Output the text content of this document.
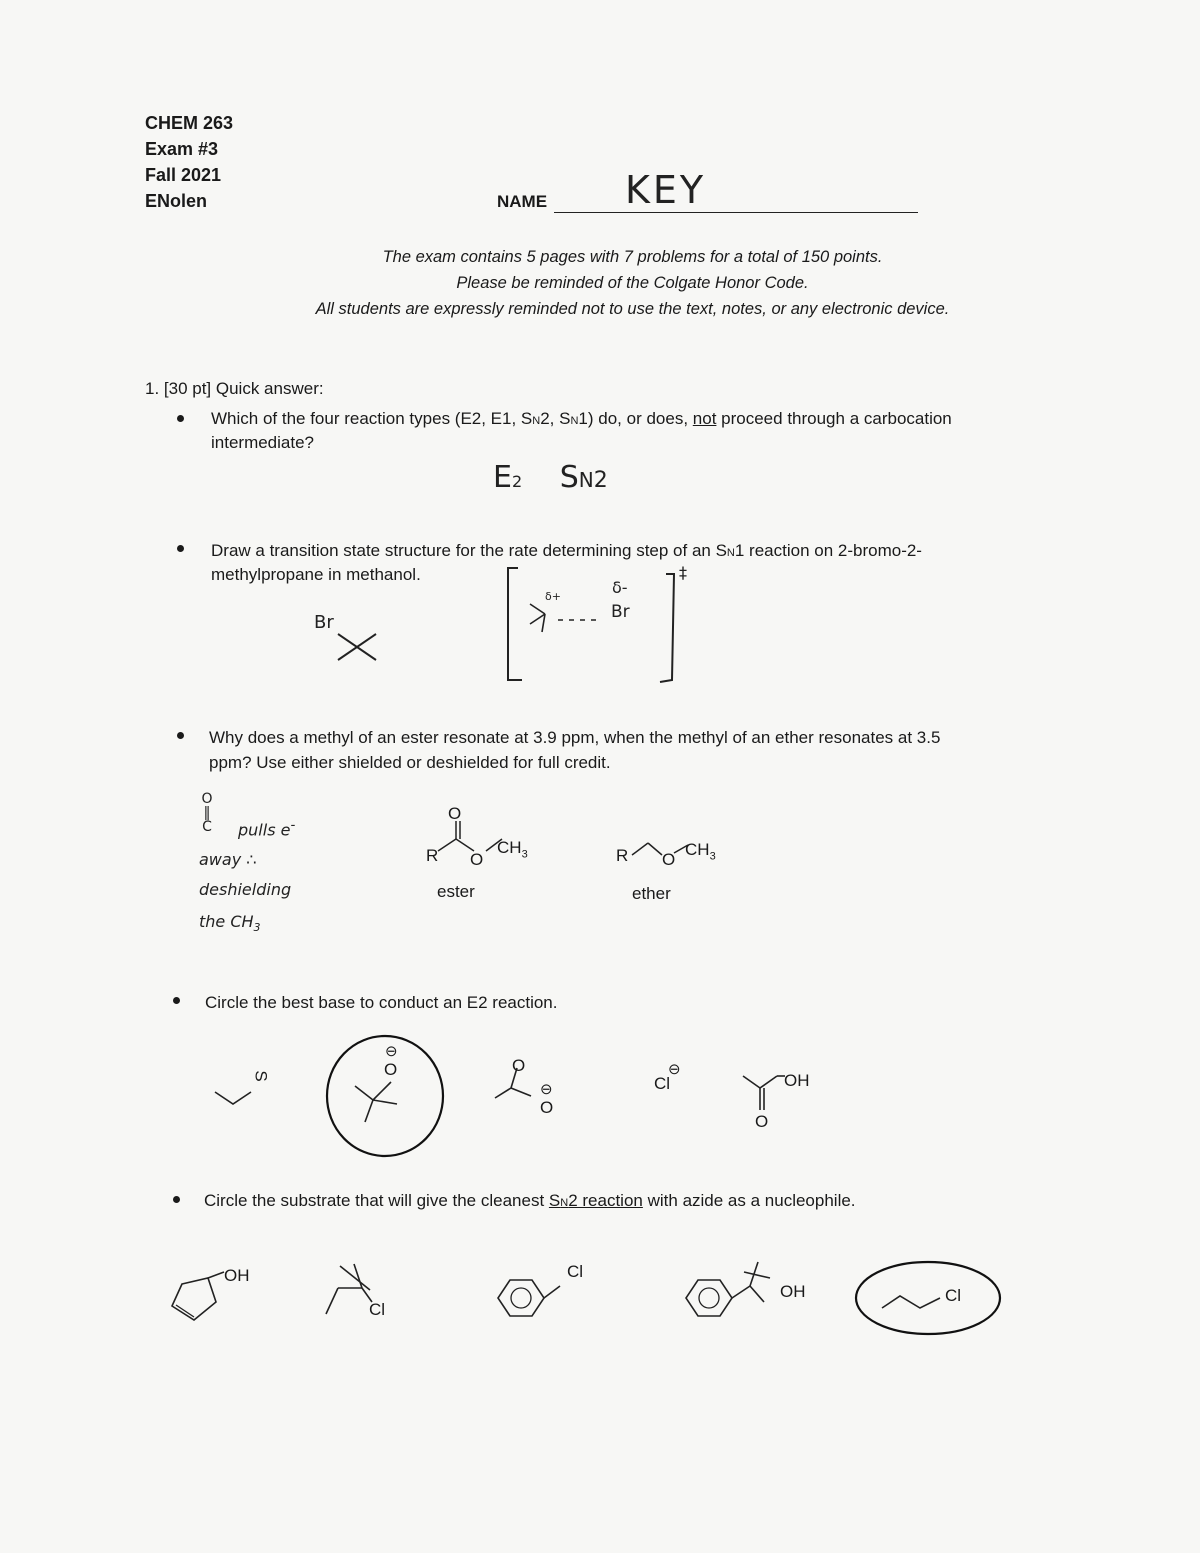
CHEM 263
Exam #3
Fall 2021
ENolen	NAME KEY
The exam contains 5 pages with 7 problems for a total of 150 points.
Please be reminded of the Colgate Honor Code.
All students are expressly reminded not to use the text, notes, or any electronic device.
1. [30 pt] Quick answer:
Which of the four reaction types (E2, E1, SN2, SN1) do, or does, not proceed through a carbocation
intermediate?
E2 SN2
Draw a transition state structure for the rate determining step of an SN1 reaction on 2-bromo-2-
methylpropane in methanol.
Br
δ+	δ-
Br
‡
Why does a methyl of an ester resonate at 3.9 ppm, when the methyl of an ether resonates at 3.5
ppm? Use either shielded or deshielded for full credit.
O
‖
C pulls e-
away ∴
deshielding
the $CH_3$
R
O
O
$CH_3$
ester
R O
$CH_3$
ether
Circle the best base to conduct an E2 reaction.
S	O
⊖
O
O
⊖	Cl
⊖
OH
O
Circle the substrate that will give the cleanest SN2 reaction with azide as a nucleophile.
OH
Cl
Cl
OH	Cl
